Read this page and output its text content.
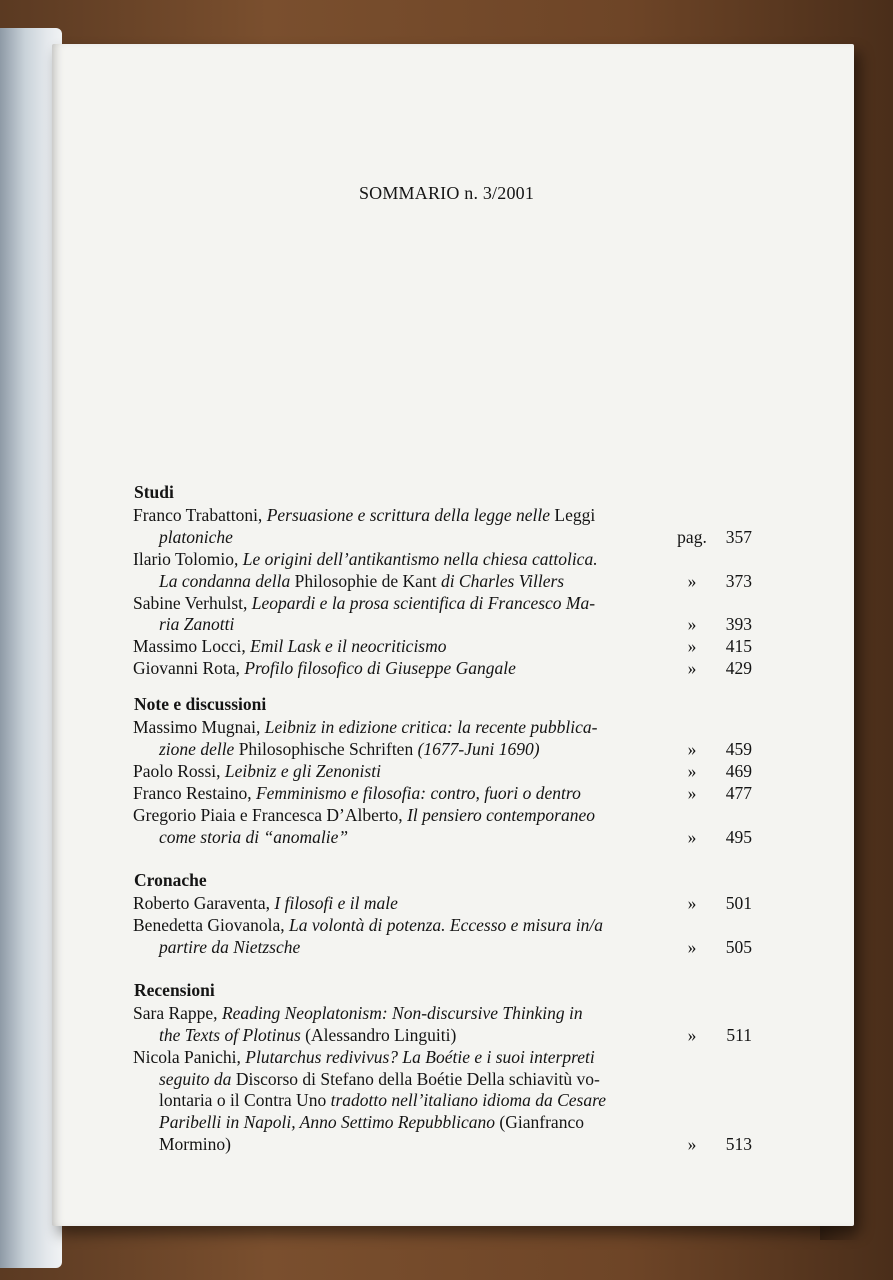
SOMMARIO n. 3/2001
Studi
Franco Trabattoni, Persuasione e scrittura della legge nelle Leggi
platoniche	pag. 357
Ilario Tolomio, Le origini dell’antikantismo nella chiesa cattolica.
La condanna della Philosophie de Kant di Charles Villers	» 373
Sabine Verhulst, Leopardi e la prosa scientifica di Francesco Ma-
ria Zanotti	» 393
Massimo Locci, Emil Lask e il neocriticismo	» 415
Giovanni Rota, Profilo filosofico di Giuseppe Gangale	» 429
Note e discussioni
Massimo Mugnai, Leibniz in edizione critica: la recente pubblica-
zione delle Philosophische Schriften (1677-Juni 1690)	» 459
Paolo Rossi, Leibniz e gli Zenonisti	» 469
Franco Restaino, Femminismo e filosofia: contro, fuori o dentro	» 477
Gregorio Piaia e Francesca D’Alberto, Il pensiero contemporaneo
come storia di “anomalie”	» 495
Cronache
Roberto Garaventa, I filosofi e il male	» 501
Benedetta Giovanola, La volontà di potenza. Eccesso e misura in/a
partire da Nietzsche	» 505
Recensioni
Sara Rappe, Reading Neoplatonism: Non-discursive Thinking in
the Texts of Plotinus (Alessandro Linguiti)	» 511
Nicola Panichi, Plutarchus redivivus? La Boétie e i suoi interpreti
seguito da Discorso di Stefano della Boétie Della schiavitù vo-
lontaria o il Contra Uno tradotto nell’italiano idioma da Cesare
Paribelli in Napoli, Anno Settimo Repubblicano (Gianfranco
Mormino)	» 513
